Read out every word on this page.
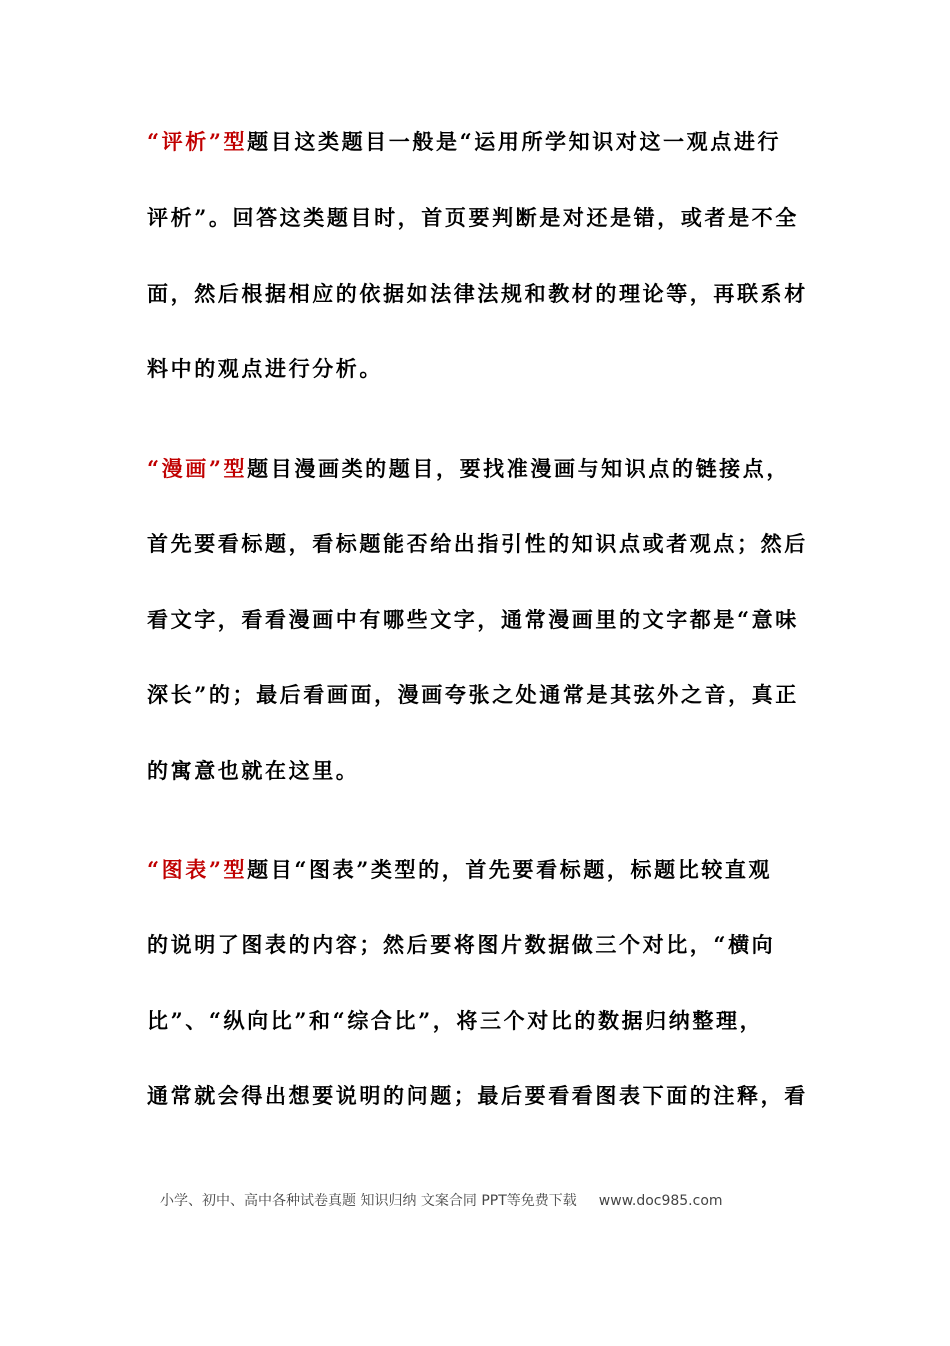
“评析”型题目这类题目一般是“运用所学知识对这一观点进行
评析”。回答这类题目时，首页要判断是对还是错，或者是不全
面，然后根据相应的依据如法律法规和教材的理论等，再联系材
料中的观点进行分析。
“漫画”型题目漫画类的题目，要找准漫画与知识点的链接点，
首先要看标题，看标题能否给出指引性的知识点或者观点；然后
看文字，看看漫画中有哪些文字，通常漫画里的文字都是“意味
深长”的；最后看画面，漫画夸张之处通常是其弦外之音，真正
的寓意也就在这里。
“图表”型题目“图表”类型的，首先要看标题，标题比较直观
的说明了图表的内容；然后要将图片数据做三个对比，“横向
比”、“纵向比”和“综合比”，将三个对比的数据归纳整理，
通常就会得出想要说明的问题；最后要看看图表下面的注释，看
小学、初中、高中各种试卷真题 知识归纳 文案合同 PPT等免费下载 www.doc985.com
